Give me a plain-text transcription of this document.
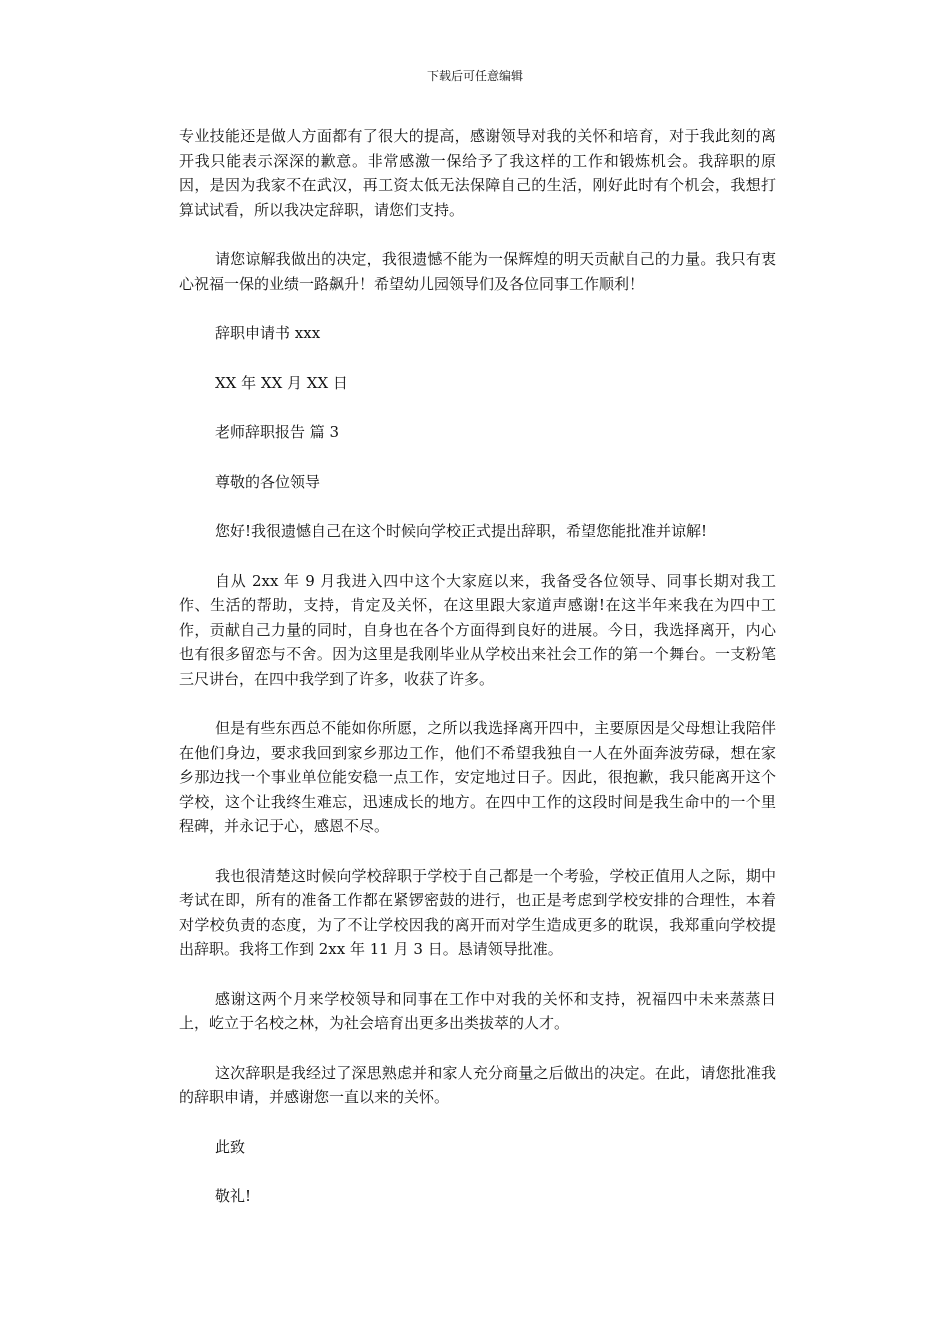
下载后可任意编辑

专业技能还是做人方面都有了很大的提高，感谢领导对我的关怀和培育，对于我此刻的离开我只能表示深深的歉意。非常感激一保给予了我这样的工作和锻炼机会。我辞职的原因，是因为我家不在武汉，再工资太低无法保障自己的生活，刚好此时有个机会，我想打算试试看，所以我决定辞职，请您们支持。

请您谅解我做出的决定，我很遗憾不能为一保辉煌的明天贡献自己的力量。我只有衷心祝福一保的业绩一路飙升！希望幼儿园领导们及各位同事工作顺利！

辞职申请书 xxx

XX 年 XX 月 XX 日

老师辞职报告 篇 3

尊敬的各位领导

您好!我很遗憾自己在这个时候向学校正式提出辞职，希望您能批准并谅解!

自从 2xx 年 9 月我进入四中这个大家庭以来，我备受各位领导、同事长期对我工作、生活的帮助，支持，肯定及关怀，在这里跟大家道声感谢!在这半年来我在为四中工作，贡献自己力量的同时，自身也在各个方面得到良好的进展。今日，我选择离开，内心也有很多留恋与不舍。因为这里是我刚毕业从学校出来社会工作的第一个舞台。一支粉笔三尺讲台，在四中我学到了许多，收获了许多。

但是有些东西总不能如你所愿，之所以我选择离开四中，主要原因是父母想让我陪伴在他们身边，要求我回到家乡那边工作，他们不希望我独自一人在外面奔波劳碌，想在家乡那边找一个事业单位能安稳一点工作，安定地过日子。因此，很抱歉，我只能离开这个学校，这个让我终生难忘，迅速成长的地方。在四中工作的这段时间是我生命中的一个里程碑，并永记于心，感恩不尽。

我也很清楚这时候向学校辞职于学校于自己都是一个考验，学校正值用人之际，期中考试在即，所有的准备工作都在紧锣密鼓的进行，也正是考虑到学校安排的合理性，本着对学校负责的态度，为了不让学校因我的离开而对学生造成更多的耽误，我郑重向学校提出辞职。我将工作到 2xx 年 11 月 3 日。恳请领导批准。

感谢这两个月来学校领导和同事在工作中对我的关怀和支持，祝福四中未来蒸蒸日上，屹立于名校之林，为社会培育出更多出类拔萃的人才。

这次辞职是我经过了深思熟虑并和家人充分商量之后做出的决定。在此，请您批准我的辞职申请，并感谢您一直以来的关怀。

此致

敬礼!
